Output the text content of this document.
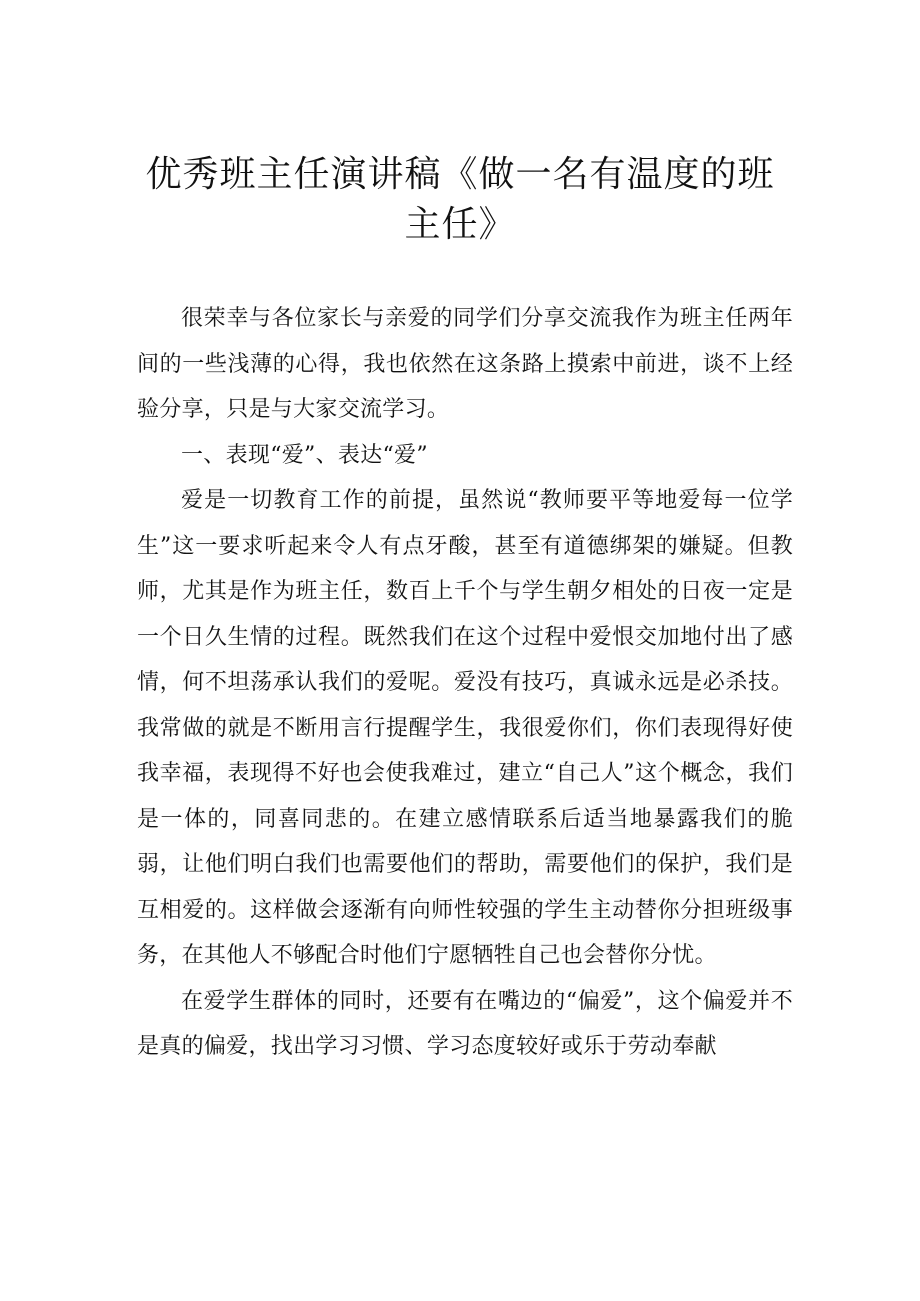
优秀班主任演讲稿《做一名有温度的班主任》

很荣幸与各位家长与亲爱的同学们分享交流我作为班主任两年间的一些浅薄的心得，我也依然在这条路上摸索中前进，谈不上经验分享，只是与大家交流学习。

一、表现“爱”、表达“爱”

爱是一切教育工作的前提，虽然说“教师要平等地爱每一位学生”这一要求听起来令人有点牙酸，甚至有道德绑架的嫌疑。但教师，尤其是作为班主任，数百上千个与学生朝夕相处的日夜一定是一个日久生情的过程。既然我们在这个过程中爱恨交加地付出了感情，何不坦荡承认我们的爱呢。爱没有技巧，真诚永远是必杀技。我常做的就是不断用言行提醒学生，我很爱你们，你们表现得好使我幸福，表现得不好也会使我难过，建立“自己人”这个概念，我们是一体的，同喜同悲的。在建立感情联系后适当地暴露我们的脆弱，让他们明白我们也需要他们的帮助，需要他们的保护，我们是互相爱的。这样做会逐渐有向师性较强的学生主动替你分担班级事务，在其他人不够配合时他们宁愿牺牲自己也会替你分忧。

在爱学生群体的同时，还要有在嘴边的“偏爱”，这个偏爱并不是真的偏爱，找出学习习惯、学习态度较好或乐于劳动奉献
